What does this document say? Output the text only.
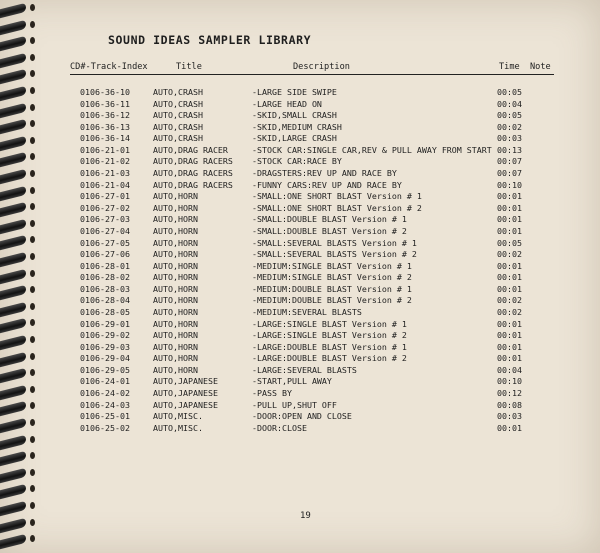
SOUND IDEAS SAMPLER LIBRARY
CD#-Track-Index	Title	Description	Time Note
0106-36-10	AUTO,CRASH	-LARGE SIDE SWIPE	00:05
0106-36-11	AUTO,CRASH	-LARGE HEAD ON	00:04
0106-36-12	AUTO,CRASH	-SKID,SMALL CRASH	00:05
0106-36-13	AUTO,CRASH	-SKID,MEDIUM CRASH	00:02
0106-36-14	AUTO,CRASH	-SKID,LARGE CRASH	00:03
0106-21-01	AUTO,DRAG RACER	-STOCK CAR:SINGLE CAR,REV & PULL AWAY FROM START 00:13
0106-21-02	AUTO,DRAG RACERS -STOCK CAR:RACE BY	00:07
0106-21-03	AUTO,DRAG RACERS -DRAGSTERS:REV UP AND RACE BY	00:07
0106-21-04	AUTO,DRAG RACERS -FUNNY CARS:REV UP AND RACE BY	00:10
0106-27-01	AUTO,HORN	-SMALL:ONE SHORT BLAST Version # 1	00:01
0106-27-02	AUTO,HORN	-SMALL:ONE SHORT BLAST Version # 2	00:01
0106-27-03	AUTO,HORN	-SMALL:DOUBLE BLAST Version # 1	00:01
0106-27-04	AUTO,HORN	-SMALL:DOUBLE BLAST Version # 2	00:01
0106-27-05	AUTO,HORN	-SMALL:SEVERAL BLASTS Version # 1	00:05
0106-27-06	AUTO,HORN	-SMALL:SEVERAL BLASTS Version # 2	00:02
0106-28-01	AUTO,HORN	-MEDIUM:SINGLE BLAST Version # 1	00:01
0106-28-02	AUTO,HORN	-MEDIUM:SINGLE BLAST Version # 2	00:01
0106-28-03	AUTO,HORN	-MEDIUM:DOUBLE BLAST Version # 1	00:01
0106-28-04	AUTO,HORN	-MEDIUM:DOUBLE BLAST Version # 2	00:02
0106-28-05	AUTO,HORN	-MEDIUM:SEVERAL BLASTS	00:02
0106-29-01	AUTO,HORN	-LARGE:SINGLE BLAST Version # 1	00:01
0106-29-02	AUTO,HORN	-LARGE:SINGLE BLAST Version # 2	00:01
0106-29-03	AUTO,HORN	-LARGE:DOUBLE BLAST Version # 1	00:01
0106-29-04	AUTO,HORN	-LARGE:DOUBLE BLAST Version # 2	00:01
0106-29-05	AUTO,HORN	-LARGE:SEVERAL BLASTS	00:04
0106-24-01	AUTO,JAPANESE	-START,PULL AWAY	00:10
0106-24-02	AUTO,JAPANESE	-PASS BY	00:12
0106-24-03	AUTO,JAPANESE	-PULL UP,SHUT OFF	00:08
0106-25-01	AUTO,MISC.	-DOOR:OPEN AND CLOSE	00:03
0106-25-02	AUTO,MISC.	-DOOR:CLOSE	00:01
19
